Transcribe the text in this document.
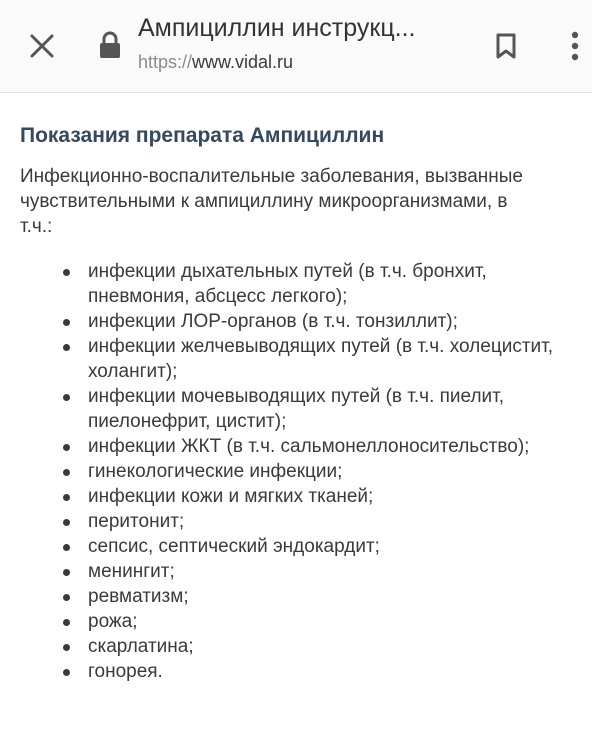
Ампициллин инструкц...
https://www.vidal.ru
Показания препарата Ампициллин

Инфекционно-воспалительные заболевания, вызванные чувствительными к ампициллину микроорганизмами, в т.ч.:

инфекции дыхательных путей (в т.ч. бронхит, пневмония, абсцесс легкого);
инфекции ЛОР-органов (в т.ч. тонзиллит);
инфекции желчевыводящих путей (в т.ч. холецистит, холангит);
инфекции мочевыводящих путей (в т.ч. пиелит, пиелонефрит, цистит);
инфекции ЖКТ (в т.ч. сальмонеллоносительство);
гинекологические инфекции;
инфекции кожи и мягких тканей;
перитонит;
сепсис, септический эндокардит;
менингит;
ревматизм;
рожа;
скарлатина;
гонорея.
